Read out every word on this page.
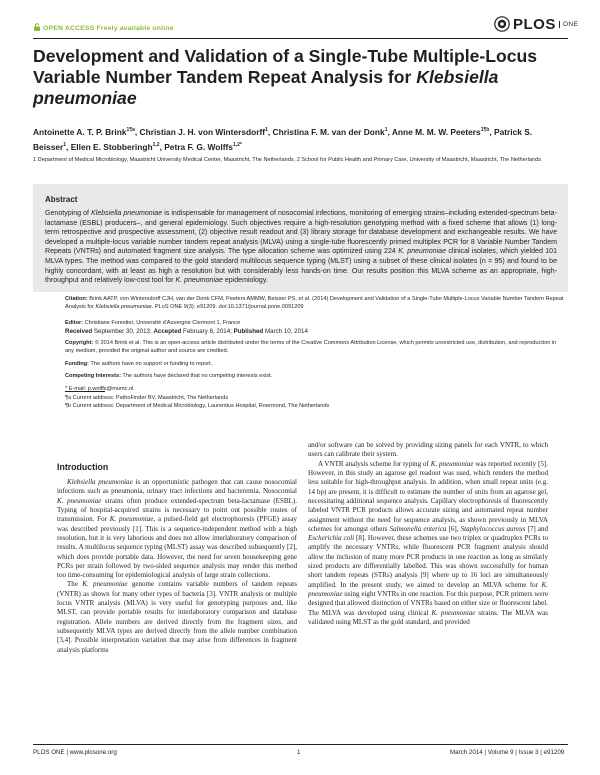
OPEN ACCESS Freely available online	PLOS	ONE
Development and Validation of a Single-Tube Multiple-Locus Variable Number Tandem Repeat Analysis for Klebsiella pneumoniae
Antoinette A. T. P. Brink$^{1\P a}$, Christian J. H. von Wintersdorff$^1$, Christina F. M. van der Donk$^1$, Anne M. M. W. Peeters$^{1\P b}$, Patrick S. Beisser$^1$, Ellen E. Stobberingh$^{1,2}$, Petra F. G. Wolffs$^{1,2*}$
1 Department of Medical Microbiology, Maastricht University Medical Center, Maastricht, The Netherlands, 2 School for Public Health and Primary Care, University of Maastricht, Maastricht, The Netherlands
Abstract

Genotyping of Klebsiella pneumoniae is indispensable for management of nosocomial infections, monitoring of emerging strains–including extended-spectrum beta-lactamase (ESBL) producers–, and general epidemiology. Such objectives require a high-resolution genotyping method with a fixed scheme that allows (1) long-term retrospective and prospective assessment, (2) objective result readout and (3) library storage for database development and exchangeable results. We have developed a multiple-locus variable number tandem repeat analysis (MLVA) using a single-tube fluorescently primed multiplex PCR for 8 Variable Number Tandem Repeats (VNTRs) and automated fragment size analysis. The type allocation scheme was optimized using 224 K. pneumoniae clinical isolates, which yielded 101 MLVA types. The method was compared to the gold standard multilocus sequence typing (MLST) using a subset of these clinical isolates (n = 95) and found to be highly concordant, with at least as high a resolution but with considerably less hands-on time. Our results position this MLVA scheme as an appropriate, high-throughput and relatively low-cost tool for K. pneumoniae epidemiology.

Citation: Brink AATP, von Wintersdorff CJH, van der Donk CFM, Peeters AMMW, Beisser PS, et al. (2014) Development and Validation of a Single-Tube Multiple-Locus Variable Number Tandem Repeat Analysis for Klebsiella pneumoniae. PLoS ONE 9(3): e91209. doi:10.1371/journal.pone.0091209

Editor: Christiane Forestier, Université d'Auvergne Clermont 1, France

Received September 30, 2013; Accepted February 8, 2014; Published March 10, 2014

Copyright: © 2014 Brink et al. This is an open-access article distributed under the terms of the Creative Commons Attribution License, which permits unrestricted use, distribution, and reproduction in any medium, provided the original author and source are credited.

Funding: The authors have no support or funding to report.

Competing Interests: The authors have declared that no competing interests exist.

* E-mail: p.wolffs@mumc.nl

¶a Current address: PathoFinder BV, Maastricht, The Netherlands

¶b Current address: Department of Medical Microbiology, Laurentius Hospital, Roermond, The Netherlands

Introduction

Klebsiella pneumoniae is an opportunistic pathogen that can cause nosocomial infections such as pneumonia, urinary tract infections and bacteremia. Nosocomial K. pneumoniae strains often produce extended-spectrum beta-lactamase (ESBL). Typing of hospital-acquired strains is necessary to point out possible routes of transmission. For K. pneumoniae, a pulsed-field gel electrophoresis (PFGE) assay was described previously [1]. This is a sequence-independent method with a high resolution, but it is very laborious and does not allow interlaboratory comparison of results. A multilocus sequence typing (MLST) assay was described subsequently [2], which does provide portable data. However, the need for seven housekeeping gene PCRs per strain followed by two-sided sequence analysis may render this method too time-consuming for epidemiological analysis of large strain collections.

The K. pneumoniae genome contains variable numbers of tandem repeats (VNTR) as shown for many other types of bacteria [3]. VNTR analysis or multiple locus VNTR analysis (MLVA) is very useful for genotyping purposes and, like MLST, can provide portable results for interlaboratory comparison and database registration. Allele numbers are derived directly from the fragment sizes, and subsequently MLVA types are derived directly from the allele number combination [3,4]. Possible interpretation variation that may arise from differences in fragment analysis platforms

and/or software can be solved by providing sizing panels for each VNTR, to which users can calibrate their system.

A VNTR analysis scheme for typing of K. pneumoniae was reported recently [5]. However, in this study an agarose gel readout was used, which renders the method less suitable for high-throughput analysis. In addition, when small repeat units (e.g. 14 bp) are present, it is difficult to estimate the number of units from an agarose gel, necessitating additional sequence analysis. Capillary electrophoresis of fluorescently labeled VNTR PCR products allows accurate sizing and automated repeat number assignment without the need for sequence analysis, as shown previously in MLVA schemes for amongst others Salmonella enterica [6], Staphylococcus aureus [7] and Escherichia coli [8]. However, these schemes use two triplex or quadruplex PCRs to amplify the necessary VNTRs, while fluorescent PCR fragment analysis should allow the inclusion of many more PCR products in one reaction as long as similarly sized products are differentially labelled. This was shown successfully for human short tandem repeats (STRs) analysis [9] where up to 16 loci are simultaneously amplified. In the present study, we aimed to develop an MLVA scheme for K. pneumoniae using eight VNTRs in one reaction. For this purpose, PCR primers were designed that allowed distinction of VNTRs based on either size or fluorescent label. The MLVA was developed using clinical K. pneumoniae strains. The MLVA was validated using MLST as the gold standard, and provided

PLOS ONE | www.plosone.org	1	March 2014 | Volume 9 | Issue 3 | e91209
